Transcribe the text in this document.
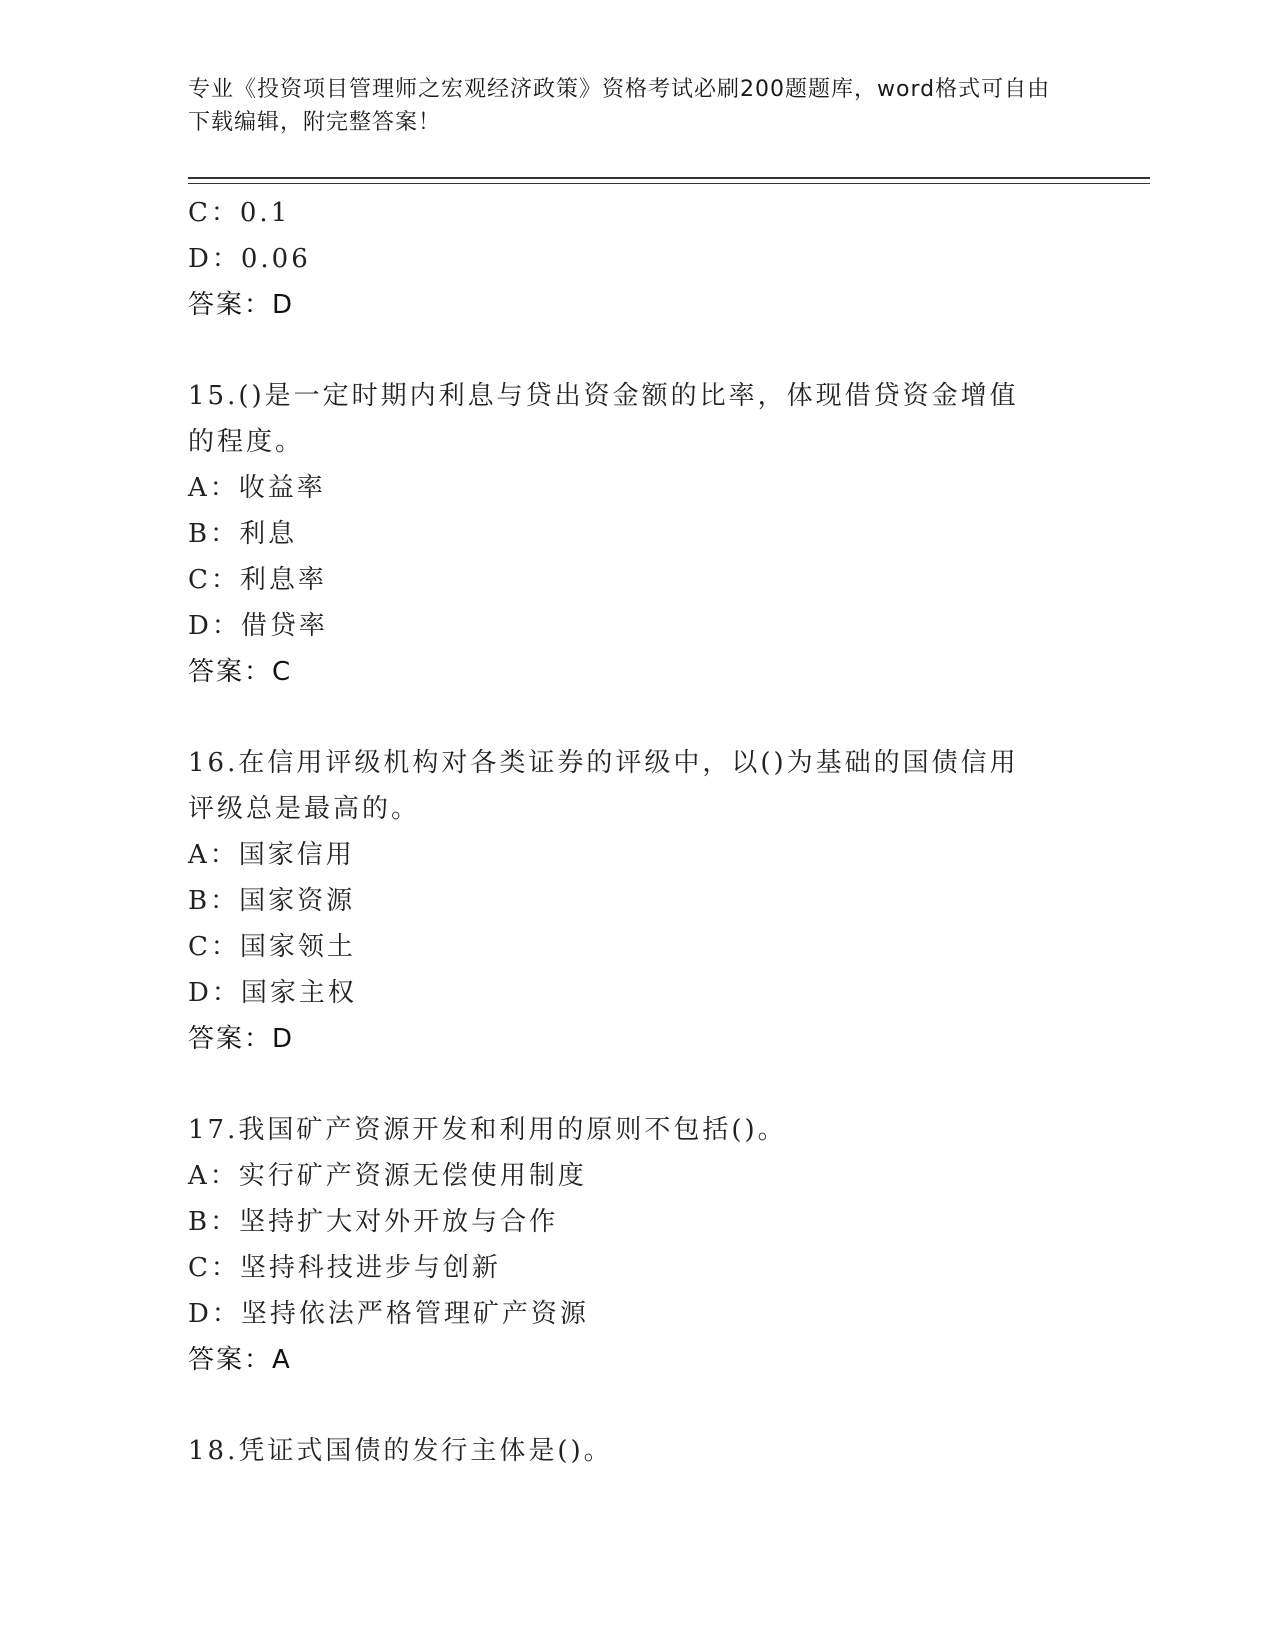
专业《投资项目管理师之宏观经济政策》资格考试必刷200题题库，word格式可自由下载编辑，附完整答案！
C：0.1
D：0.06
答案：D
15.()是一定时期内利息与贷出资金额的比率，体现借贷资金增值的程度。
A：收益率
B：利息
C：利息率
D：借贷率
答案：C
16.在信用评级机构对各类证券的评级中，以()为基础的国债信用评级总是最高的。
A：国家信用
B：国家资源
C：国家领土
D：国家主权
答案：D
17.我国矿产资源开发和利用的原则不包括()。
A：实行矿产资源无偿使用制度
B：坚持扩大对外开放与合作
C：坚持科技进步与创新
D：坚持依法严格管理矿产资源
答案：A
18.凭证式国债的发行主体是()。
